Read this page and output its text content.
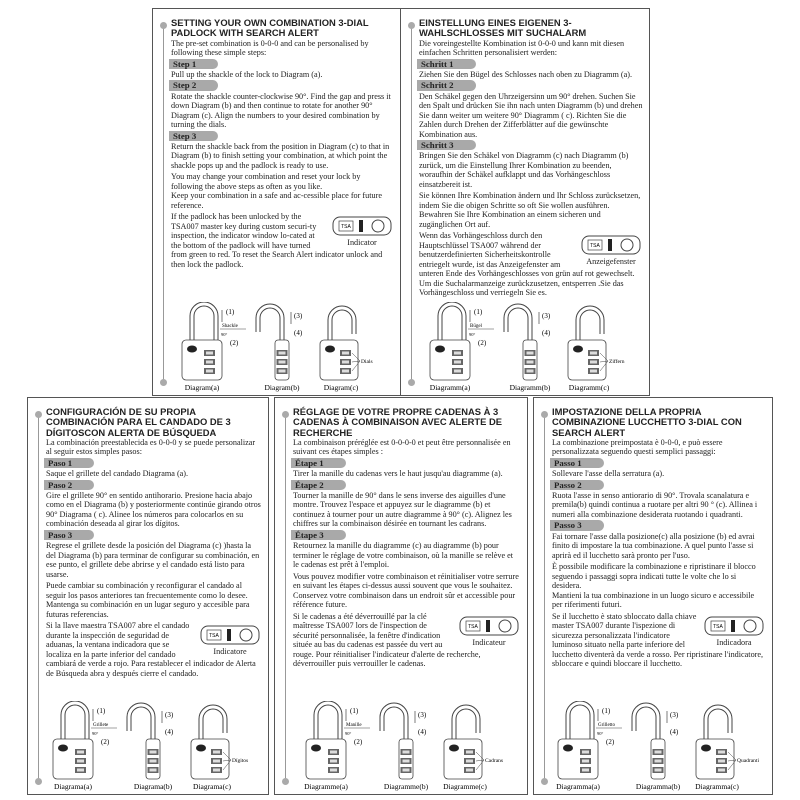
SETTING YOUR OWN COMBINATION 3-DIAL PADLOCK WITH SEARCH ALERT

The pre-set combination is 0-0-0 and can be personalised by following these simple steps:

Step 1

Pull up the shackle of the lock to Diagram (a).

Step 2

Rotate the shackle counter-clockwise 90°. Find the gap and press it down Diagram (b) and then continue to rotate for another 90° Diagram (c). Align the numbers to your desired combination by turning the dials.

Step 3

Return the shackle back from the position in Diagram (c) to that in Diagram (b) to finish setting your combination, at which point the shackle pops up and the padlock is ready to use.

You may change your combination and reset your lock by following the above steps as often as you like.
Keep your combination in a safe and ac-cessible place for future reference.

TSA
Indicator

If the padlock has been unlocked by the TSA007 master key during custom securi-ty inspection, the indicator window lo-cated at the bottom of the padlock will have turned from green to red. To reset the Search Alert indicator unlock and then lock the padlock.

(1)
Shackle
90°
(2)
(3)
(4)
Dials
Diagram(a)	Diagram(b)	Diagram(c)
EINSTELLUNG EINES EIGENEN 3-WAHLSCHLOSSES MIT SUCHALARM

Die voreingestellte Kombination ist 0-0-0 und kann mit diesen einfachen Schritten personalisiert werden:

Schritt 1

Ziehen Sie den Bügel des Schlosses nach oben zu Diagramm (a).

Schritt 2

Den Schäkel gegen den Uhrzeigersinn um 90° drehen. Suchen Sie den Spalt und drücken Sie ihn nach unten Diagramm (b) und drehen Sie dann weiter um weitere 90° Diagramm ( c). Richten Sie die Zahlen durch Drehen der Zifferblätter auf die gewünschte Kombination aus.

Schritt 3

Bringen Sie den Schäkel von Diagramm (c) nach Diagramm (b) zurück, um die Einstellung Ihrer Kombination zu beenden, woraufhin der Schäkel aufklappt und das Vorhängeschloss einsatzbereit ist.

Sie können Ihre Kombination ändern und Ihr Schloss zurücksetzen, indem Sie die obigen Schritte so oft Sie wollen ausführen.
Bewahren Sie Ihre Kombination an einem sicheren und zugänglichen Ort auf.

TSA
Anzeigefenster

Wenn das Vorhängeschloss durch den Hauptschlüssel TSA007 während der benutzerdefinierten Sicherheitskontrolle entriegelt wurde, ist das Anzeigefenster am unteren Ende des Vorhängeschlosses von grün auf rot gewechselt.
Um die Suchalarmanzeige zurückzusetzen, entsperren .Sie das Vorhängeschloss und verriegeln Sie es.

(1)
Bügel
90°
(2)
(3)
(4)
Ziffern
Diagramm(a)	Diagramm(b) Diagramm(c)
CONFIGURACIÓN DE SU PROPIA COMBINACIÓN PARA EL CANDADO DE 3 DÍGITOSCON ALERTA DE BÚSQUEDA

La combinación preestablecida es 0-0-0 y se puede personalizar al seguir estos simples pasos:

Paso 1

Saque el grillete del candado Diagrama (a).

Paso 2

Gire el grillete 90° en sentido antihorario. Presione hacia abajo como en el Diagrama (b) y posteriormente continúe girando otros 90° Diagrama ( c). Alinee los números para colocarlos en su combinación deseada al girar los dígitos.

Paso 3

Regrese el grillete desde la posición del Diagrama (c) )hasta la del Diagrama (b) para terminar de configurar su combinación, en ese punto, el grillete debe abrirse y el candado está listo para usarse.

Puede cambiar su combinación y reconfigurar el candado al seguir los pasos anteriores tan frecuentemente como lo desee. Mantenga su combinación en un lugar seguro y accesible para futuras referencias.

TSA
Indicatore

Si la llave maestra TSA007 abre el candado durante la inspección de seguridad de aduanas, la ventana indicadora que se localiza en la parte inferior del candado cambiará de verde a rojo. Para restablecer el indicador de Alerta de Búsqueda abra y después cierre el candado.

(1)
Grillete
90°
(2)
(3)
(4)
Dígitos
Diagrama(a)	Diagrama(b)	Diagrama(c)
RÉGLAGE DE VOTRE PROPRE CADENAS À 3 CADENAS À COMBINAISON AVEC ALERTE DE RECHERCHE

La combinaison préréglée est 0-0-0-0 et peut être personnalisée en suivant ces étapes simples :

Étape 1

Tirer la manille du cadenas vers le haut jusqu'au diagramme (a).

Étape 2

Tourner la manille de 90° dans le sens inverse des aiguilles d'une montre. Trouvez l'espace et appuyez sur le diagramme (b) et continuez à tourner pour un autre diagramme à 90° (c). Alignez les chiffres sur la combinaison désirée en tournant les cadrans.

Étape 3

Retournez la manille du diagramme (c) au diagramme (b) pour terminer le réglage de votre combinaison, où la manille se relève et le cadenas est prêt à l'emploi.

Vous pouvez modifier votre combinaison et réinitialiser votre serrure en suivant les étapes ci-dessus aussi souvent que vous le souhaitez.
Conservez votre combinaison dans un endroit sûr et accessible pour référence future.

TSA
Indicateur

Si le cadenas a été déverrouillé par la clé maîtresse TSA007 lors de l'inspection de sécurité personnalisée, la fenêtre d'indication située au bas du cadenas est passée du vert au rouge. Pour réinitialiser l'indicateur d'alerte de recherche, déverrouiller puis verrouiller le cadenas.

(1)
Manille
90°
(2)
(3)
(4)
Cadrans
Diagramme(a)	Diagramme(b) Diagramme(c)
IMPOSTAZIONE DELLA PROPRIA COMBINAZIONE LUCCHETTO 3-DIAL CON SEARCH ALERT

La combinazione preimpostata è 0-0-0, e può essere personalizzata seguendo questi semplici passaggi:

Passo 1

Sollevare l'asse della serratura (a).

Passo 2

Ruota l'asse in senso antiorario di 90°. Trovala scanalatura e premila(b) quindi continua a ruotare per altri 90 ° (c). Allinea i numeri alla combinazione desiderata ruotando i quadranti.

Passo 3

Fai tornare l'asse dalla posizione(c) alla posizione (b) ed avrai finito di impostare la tua combinazione. A quel punto l'asse si aprirà ed il lucchetto sarà pronto per l'uso.

È possibile modificare la combinazione e ripristinare il blocco seguendo i passaggi sopra indicati tutte le volte che lo si desidera.
Mantieni la tua combinazione in un luogo sicuro e accessibile per riferimenti futuri.

TSA
Indicadora

Se il lucchetto è stato sbloccato dalla chiave master TSA007 durante l'ispezione di sicurezza personalizzata l'indicatore luminoso situato nella parte inferiore del lucchetto diventerà da verde a rosso. Per ripristinare l'indicatore, sbloccare e quindi bloccare il lucchetto.

(1)
Grilletto
90°
(2)
(3)
(4)
Quadranti
Diagramma(a)	Diagramma(b) Diagramma(c)
